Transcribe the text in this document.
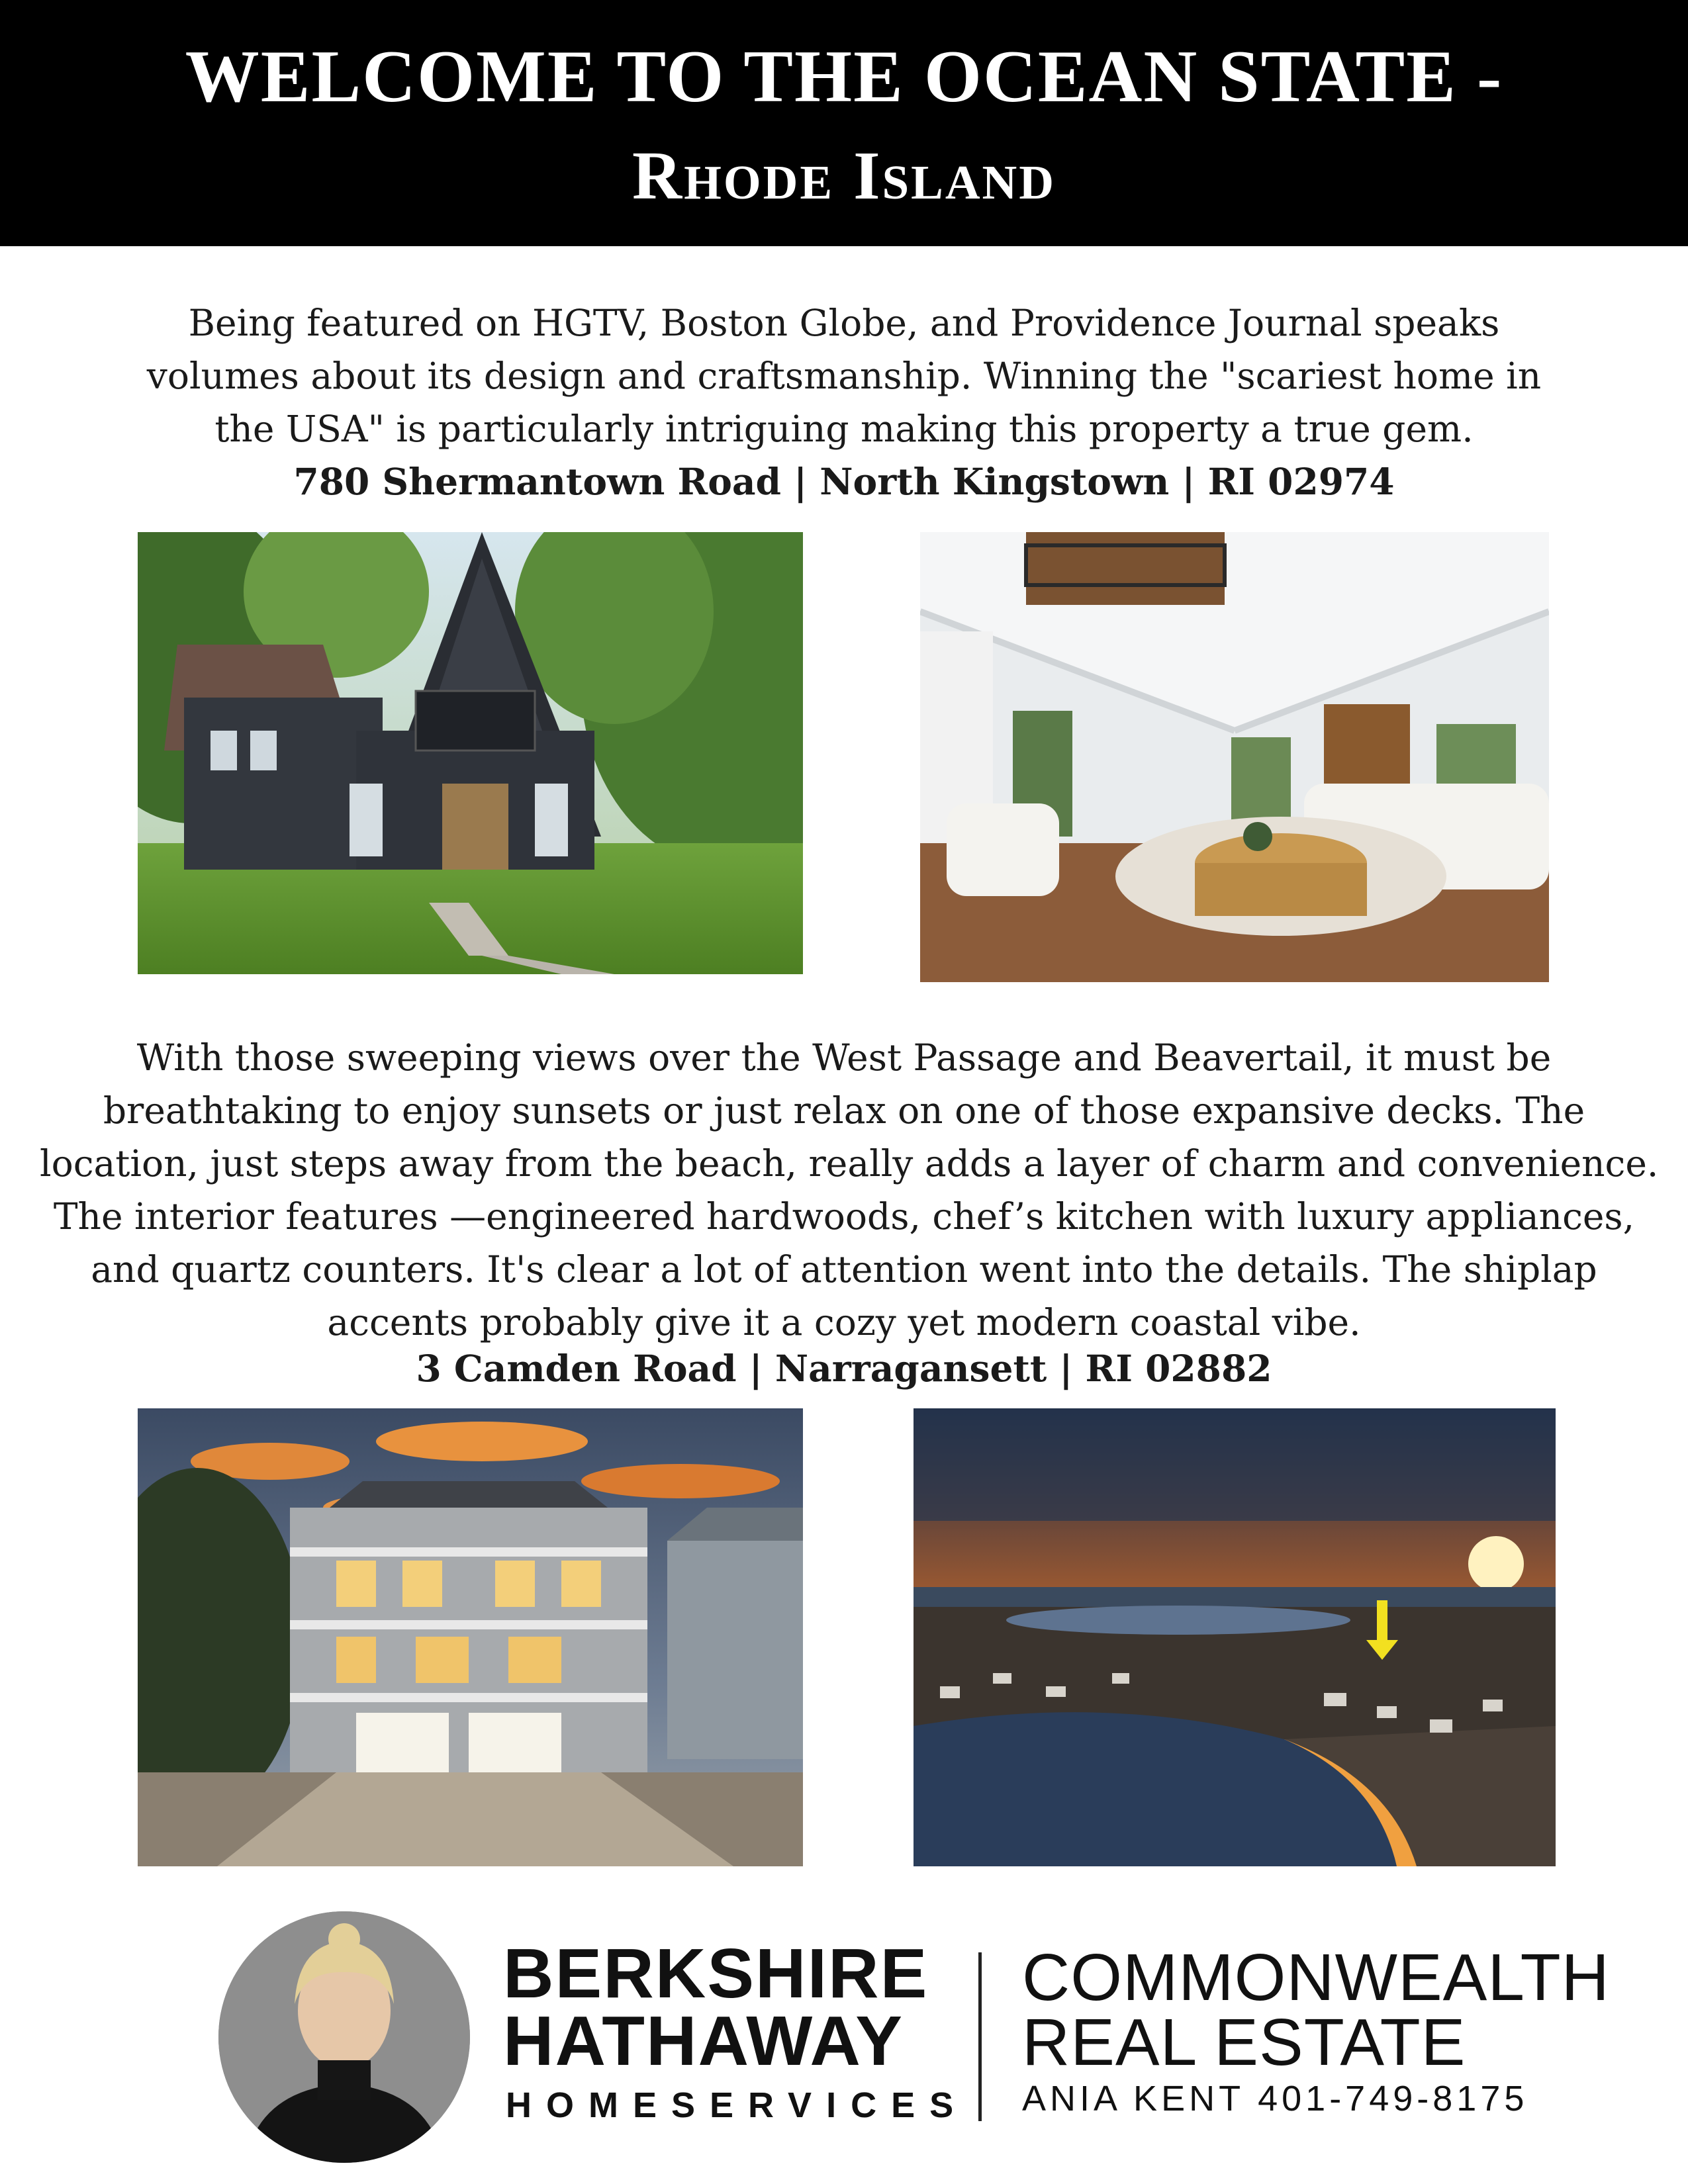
WELCOME TO THE OCEAN STATE -
Rhode Island
Being featured on HGTV, Boston Globe, and Providence Journal speaks
volumes about its design and craftsmanship. Winning the "scariest home in
the USA" is particularly intriguing making this property a true gem.
780 Shermantown Road | North Kingstown | RI 02974
With those sweeping views over the West Passage and Beavertail, it must be
breathtaking to enjoy sunsets or just relax on one of those expansive decks. The
location, just steps away from the beach, really adds a layer of charm and convenience.
The interior features —engineered hardwoods, chef’s kitchen with luxury appliances,
and quartz counters. It's clear a lot of attention went into the details. The shiplap
accents probably give it a cozy yet modern coastal vibe.
3 Camden Road | Narragansett | RI 02882
BERKSHIRE
HATHAWAY
HOMESERVICES
COMMONWEALTH
REAL ESTATE
ANIA KENT 401-749-8175
